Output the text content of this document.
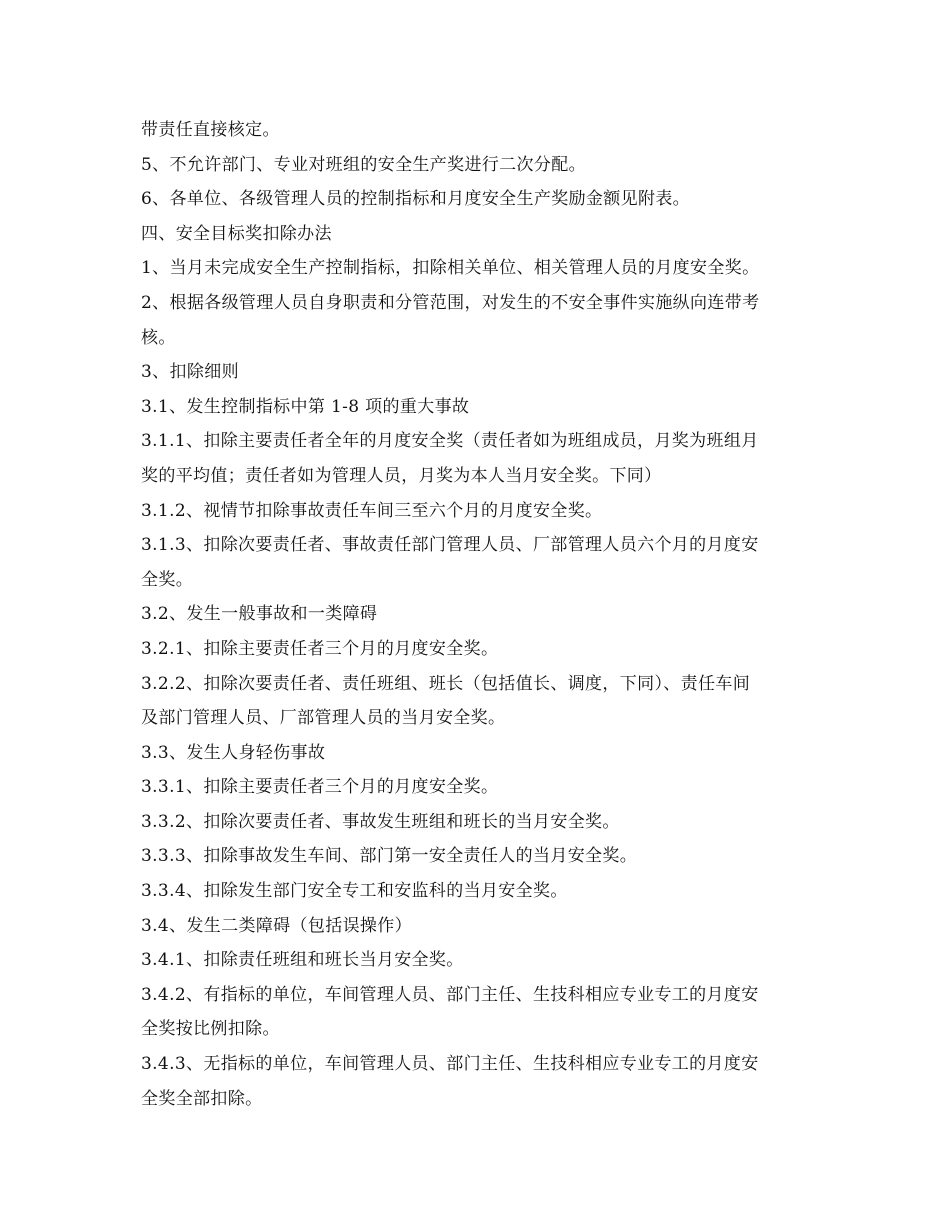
带责任直接核定。
5、不允许部门、专业对班组的安全生产奖进行二次分配。
6、各单位、各级管理人员的控制指标和月度安全生产奖励金额见附表。
四、安全目标奖扣除办法
1、当月未完成安全生产控制指标，扣除相关单位、相关管理人员的月度安全奖。
2、根据各级管理人员自身职责和分管范围，对发生的不安全事件实施纵向连带考
核。
3、扣除细则
3.1、发生控制指标中第 1-8 项的重大事故
3.1.1、扣除主要责任者全年的月度安全奖（责任者如为班组成员，月奖为班组月
奖的平均值；责任者如为管理人员，月奖为本人当月安全奖。下同）
3.1.2、视情节扣除事故责任车间三至六个月的月度安全奖。
3.1.3、扣除次要责任者、事故责任部门管理人员、厂部管理人员六个月的月度安
全奖。
3.2、发生一般事故和一类障碍
3.2.1、扣除主要责任者三个月的月度安全奖。
3.2.2、扣除次要责任者、责任班组、班长（包括值长、调度，下同）、责任车间
及部门管理人员、厂部管理人员的当月安全奖。
3.3、发生人身轻伤事故
3.3.1、扣除主要责任者三个月的月度安全奖。
3.3.2、扣除次要责任者、事故发生班组和班长的当月安全奖。
3.3.3、扣除事故发生车间、部门第一安全责任人的当月安全奖。
3.3.4、扣除发生部门安全专工和安监科的当月安全奖。
3.4、发生二类障碍（包括误操作）
3.4.1、扣除责任班组和班长当月安全奖。
3.4.2、有指标的单位，车间管理人员、部门主任、生技科相应专业专工的月度安
全奖按比例扣除。
3.4.3、无指标的单位，车间管理人员、部门主任、生技科相应专业专工的月度安
全奖全部扣除。
